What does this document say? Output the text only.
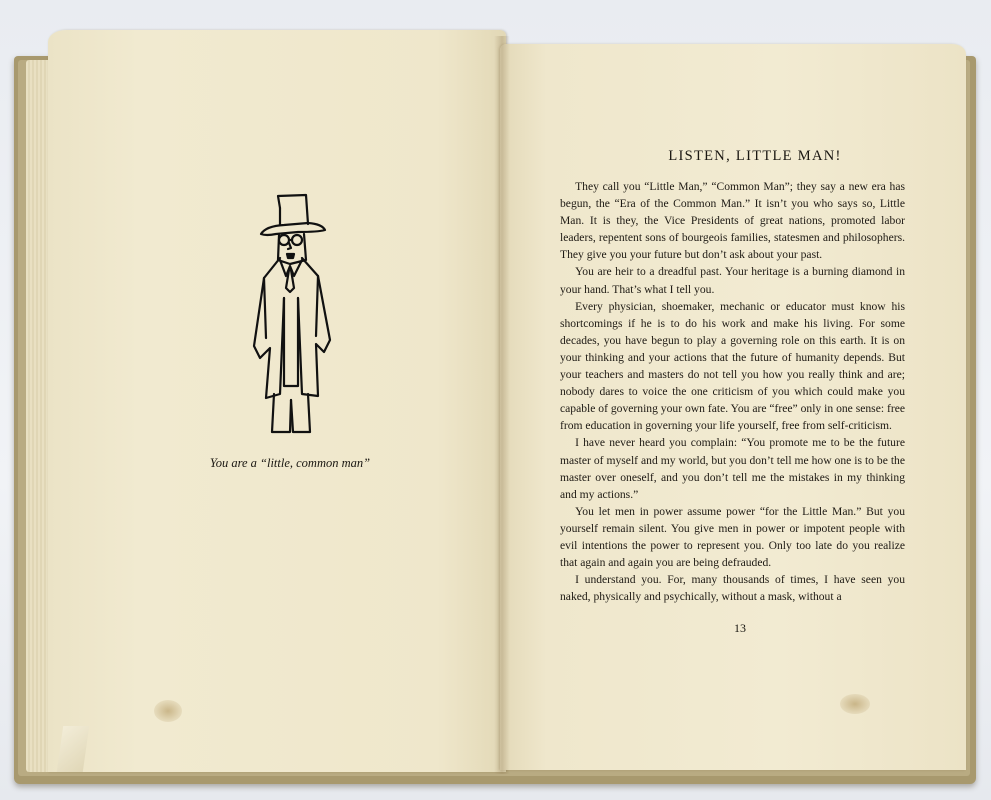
You are a “little, common man”
LISTEN, LITTLE MAN!

They call you “Little Man,” “Common Man”; they say a new era has begun, the “Era of the Common Man.” It isn’t you who says so, Little Man. It is they, the Vice Presidents of great nations, promoted labor leaders, repentent sons of bourgeois families, statesmen and philosophers. They give you your future but don’t ask about your past.

You are heir to a dreadful past. Your heritage is a burning diamond in your hand. That’s what I tell you.

Every physician, shoemaker, mechanic or educator must know his shortcomings if he is to do his work and make his living. For some decades, you have begun to play a governing role on this earth. It is on your thinking and your actions that the future of humanity depends. But your teachers and masters do not tell you how you really think and are; nobody dares to voice the one criticism of you which could make you capable of governing your own fate. You are “free” only in one sense: free from education in governing your life yourself, free from self-criticism.

I have never heard you complain: “You promote me to be the future master of myself and my world, but you don’t tell me how one is to be the master over oneself, and you don’t tell me the mistakes in my thinking and my actions.”

You let men in power assume power “for the Little Man.” But you yourself remain silent. You give men in power or impotent people with evil intentions the power to represent you. Only too late do you realize that again and again you are being defrauded.

I understand you. For, many thousands of times, I have seen you naked, physically and psychically, without a mask, without a

13
